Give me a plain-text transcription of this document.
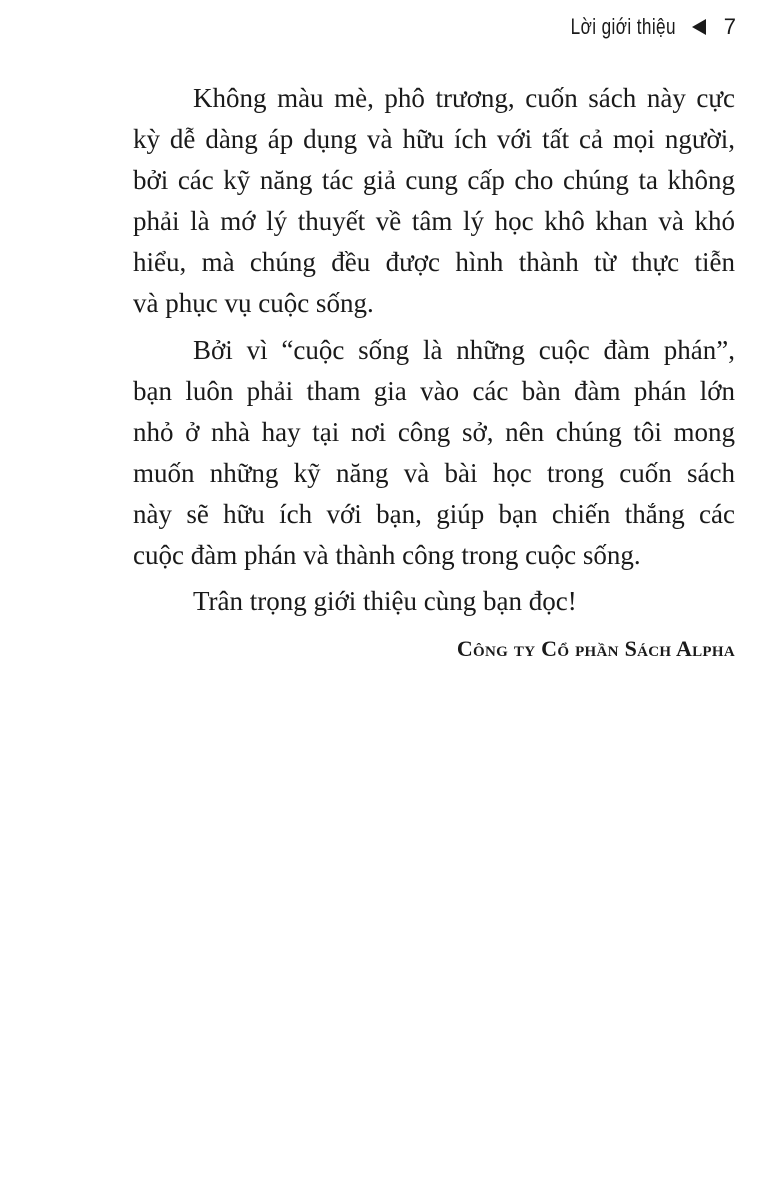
Lời giới thiệu 7
Không màu mè, phô trương, cuốn sách này cực
kỳ dễ dàng áp dụng và hữu ích với tất cả mọi người,
bởi các kỹ năng tác giả cung cấp cho chúng ta không
phải là mớ lý thuyết về tâm lý học khô khan và khó
hiểu, mà chúng đều được hình thành từ thực tiễn
và phục vụ cuộc sống.
Bởi vì “cuộc sống là những cuộc đàm phán”,
bạn luôn phải tham gia vào các bàn đàm phán lớn
nhỏ ở nhà hay tại nơi công sở, nên chúng tôi mong
muốn những kỹ năng và bài học trong cuốn sách
này sẽ hữu ích với bạn, giúp bạn chiến thắng các
cuộc đàm phán và thành công trong cuộc sống.
Trân trọng giới thiệu cùng bạn đọc!
Công ty Cổ phần Sách Alpha
